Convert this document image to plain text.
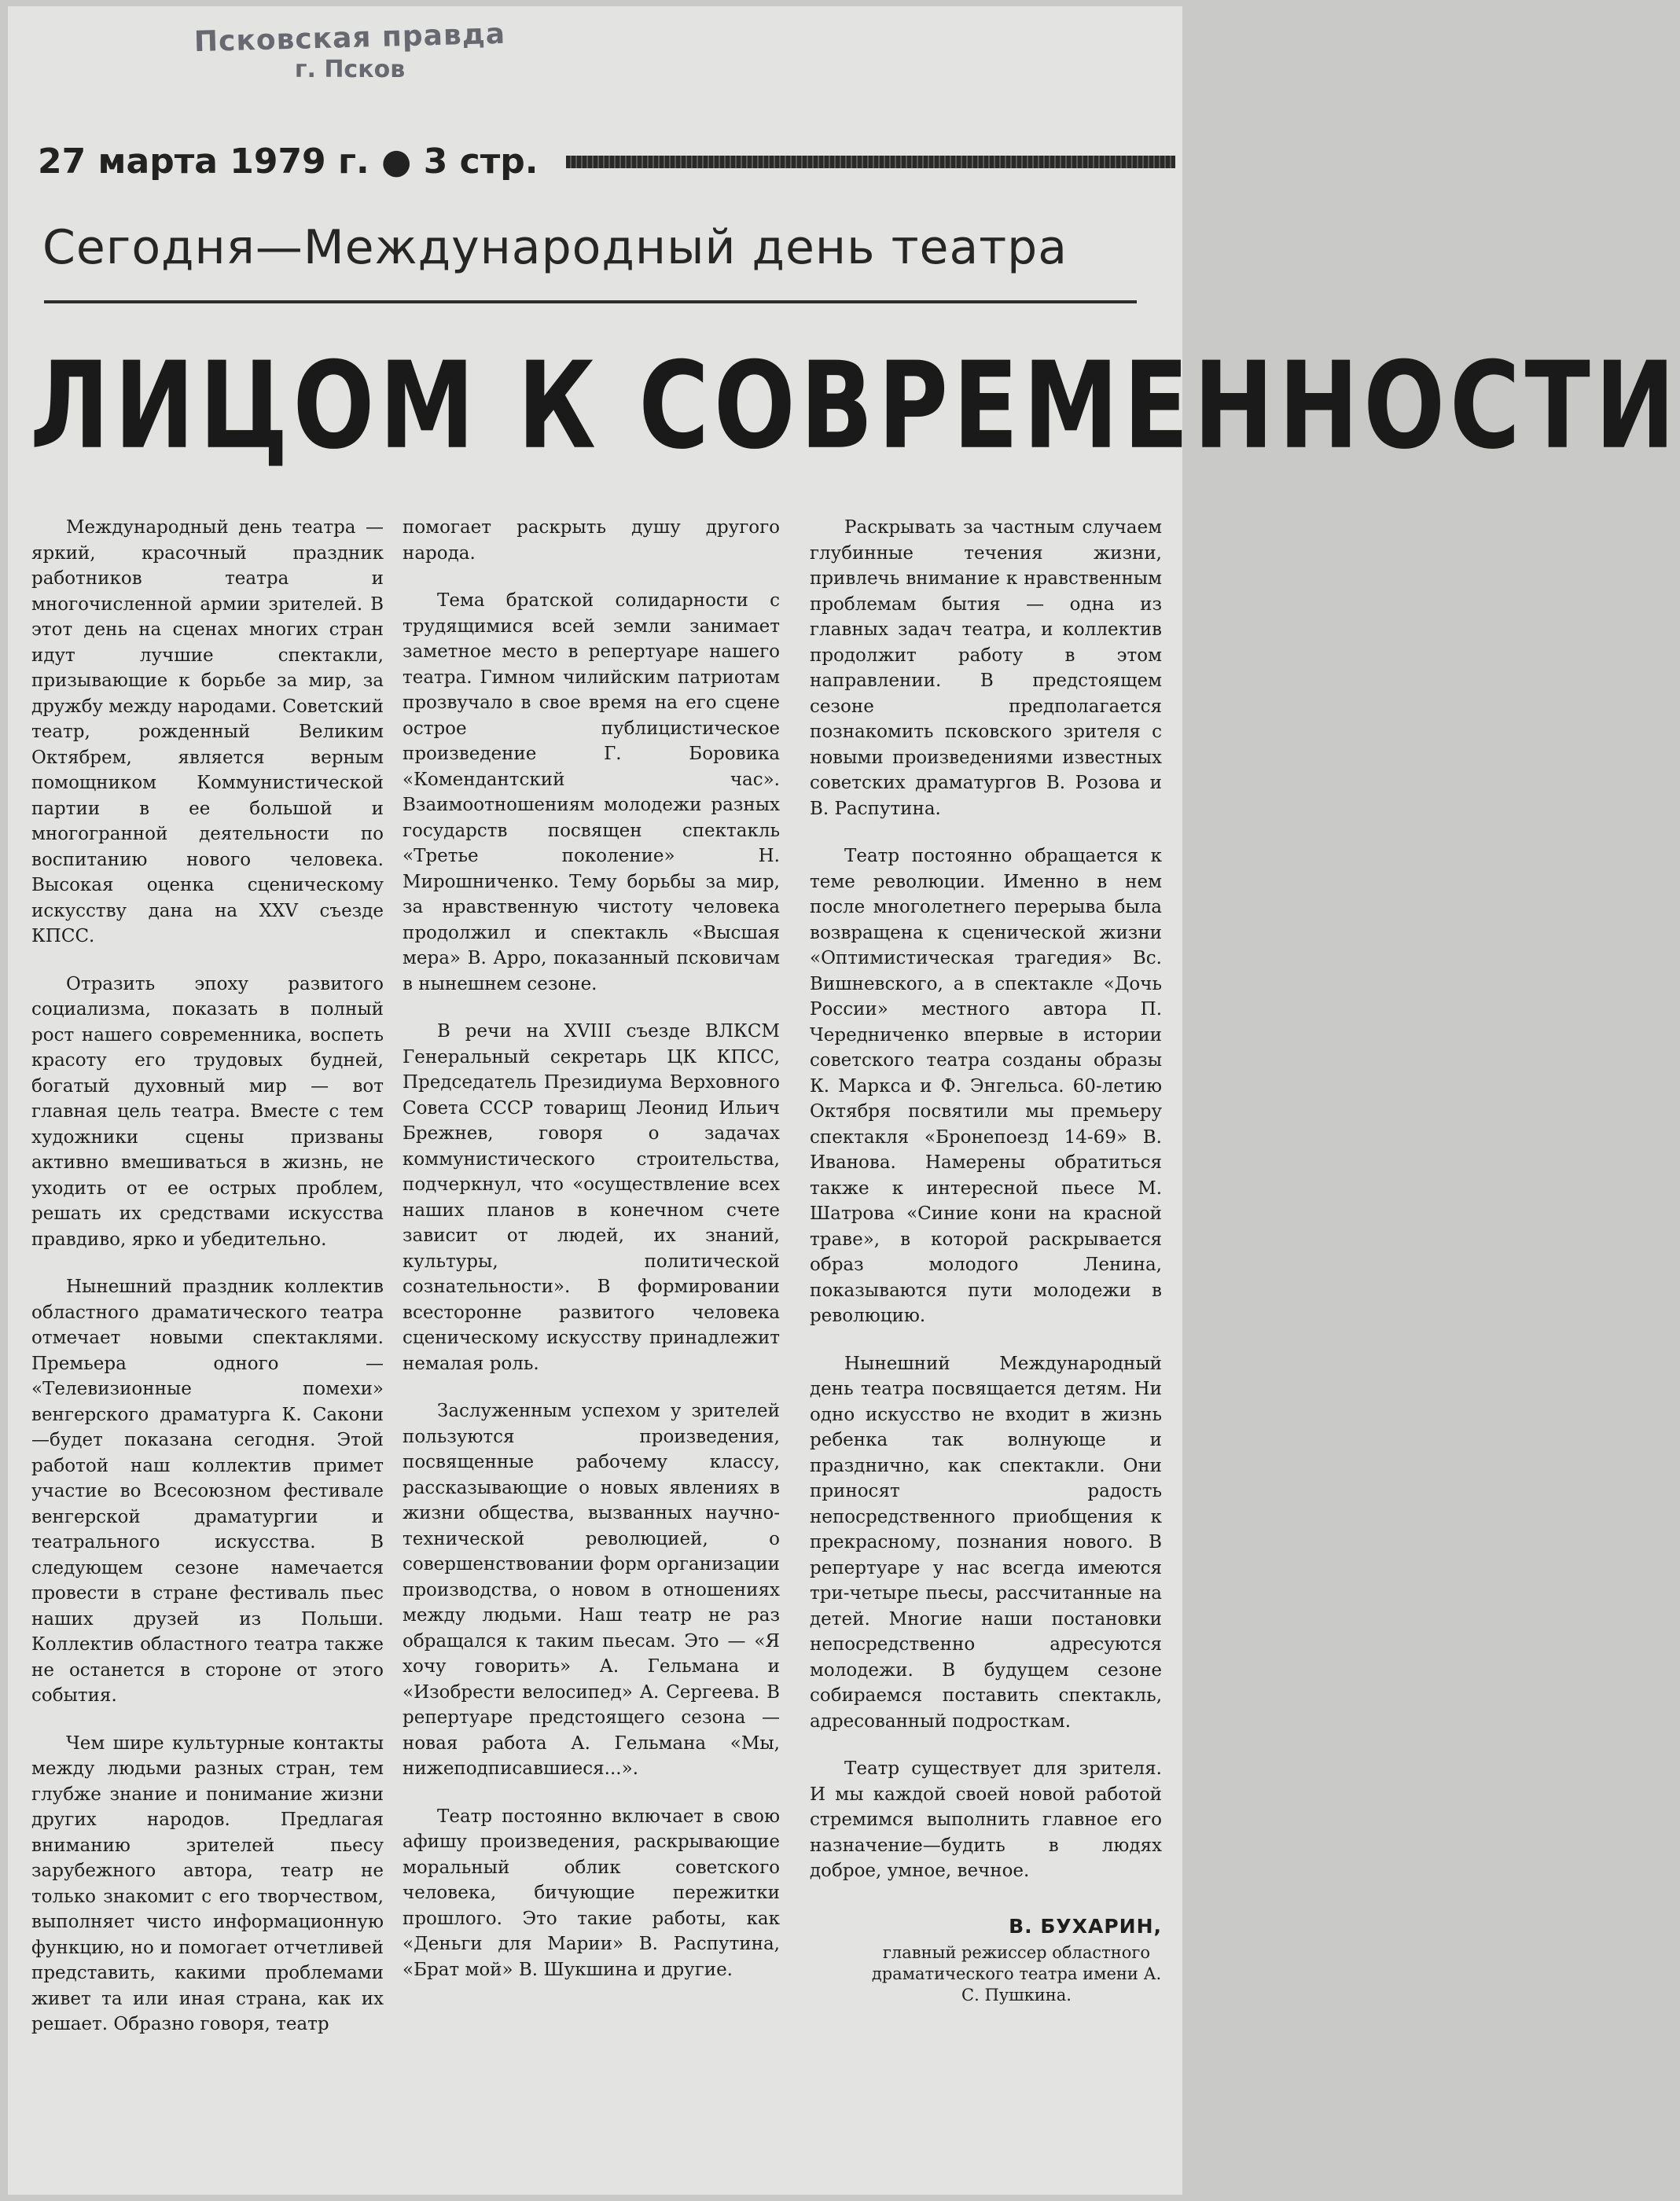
Псковская правда
г. Псков
27 марта 1979 г. ● 3 стр.
Сегодня—Международный день театра
ЛИЦОМ К СОВРЕМЕННОСТИ

Международный день театра — яркий, красочный праздник работников театра и многочисленной армии зрителей. В этот день на сценах многих стран идут лучшие спектакли, призывающие к борьбе за мир, за дружбу между народами. Советский театр, рожденный Великим Октябрем, является верным помощником Коммунистической партии в ее большой и многогранной деятельности по воспитанию нового человека. Высокая оценка сценическому искусству дана на XXV съезде КПСС.

Отразить эпоху развитого социализма, показать в полный рост нашего современника, воспеть красоту его трудовых будней, богатый духовный мир — вот главная цель театра. Вместе с тем художники сцены призваны активно вмешиваться в жизнь, не уходить от ее острых проблем, решать их средствами искусства правдиво, ярко и убедительно.

Нынешний праздник коллектив областного драматического театра отмечает новыми спектаклями. Премьера одного — «Телевизионные помехи» венгерского драматурга К. Сакони—будет показана сегодня. Этой работой наш коллектив примет участие во Всесоюзном фестивале венгерской драматургии и театрального искусства. В следующем сезоне намечается провести в стране фестиваль пьес наших друзей из Польши. Коллектив областного театра также не останется в стороне от этого события.

Чем шире культурные контакты между людьми разных стран, тем глубже знание и понимание жизни других народов. Предлагая вниманию зрителей пьесу зарубежного автора, театр не только знакомит с его творчеством, выполняет чисто информационную функцию, но и помогает отчетливей представить, какими проблемами живет та или иная страна, как их решает. Образно говоря, театр

помогает раскрыть душу другого народа.

Тема братской солидарности с трудящимися всей земли занимает заметное место в репертуаре нашего театра. Гимном чилийским патриотам прозвучало в свое время на его сцене острое публицистическое произведение Г. Боровика «Комендантский час». Взаимоотношениям молодежи разных государств посвящен спектакль «Третье поколение» Н. Мирошниченко. Тему борьбы за мир, за нравственную чистоту человека продолжил и спектакль «Высшая мера» В. Арро, показанный псковичам в нынешнем сезоне.

В речи на XVIII съезде ВЛКСМ Генеральный секретарь ЦК КПСС, Председатель Президиума Верховного Совета СССР товарищ Леонид Ильич Брежнев, говоря о задачах коммунистического строительства, подчеркнул, что «осуществление всех наших планов в конечном счете зависит от людей, их знаний, культуры, политической сознательности». В формировании всесторонне развитого человека сценическому искусству принадлежит немалая роль.

Заслуженным успехом у зрителей пользуются произведения, посвященные рабочему классу, рассказывающие о новых явлениях в жизни общества, вызванных научно-технической революцией, о совершенствовании форм организации производства, о новом в отношениях между людьми. Наш театр не раз обращался к таким пьесам. Это — «Я хочу говорить» А. Гельмана и «Изобрести велосипед» А. Сергеева. В репертуаре предстоящего сезона — новая работа А. Гельмана «Мы, нижеподписавшиеся...».

Театр постоянно включает в свою афишу произведения, раскрывающие моральный облик советского человека, бичующие пережитки прошлого. Это такие работы, как «Деньги для Марии» В. Распутина, «Брат мой» В. Шукшина и другие.

Раскрывать за частным случаем глубинные течения жизни, привлечь внимание к нравственным проблемам бытия — одна из главных задач театра, и коллектив продолжит работу в этом направлении. В предстоящем сезоне предполагается познакомить псковского зрителя с новыми произведениями известных советских драматургов В. Розова и В. Распутина.

Театр постоянно обращается к теме революции. Именно в нем после многолетнего перерыва была возвращена к сценической жизни «Оптимистическая трагедия» Вс. Вишневского, а в спектакле «Дочь России» местного автора П. Чередниченко впервые в истории советского театра созданы образы К. Маркса и Ф. Энгельса. 60-летию Октября посвятили мы премьеру спектакля «Бронепоезд 14-69» В. Иванова. Намерены обратиться также к интересной пьесе М. Шатрова «Синие кони на красной траве», в которой раскрывается образ молодого Ленина, показываются пути молодежи в революцию.

Нынешний Международный день театра посвящается детям. Ни одно искусство не входит в жизнь ребенка так волнующе и празднично, как спектакли. Они приносят радость непосредственного приобщения к прекрасному, познания нового. В репертуаре у нас всегда имеются три-четыре пьесы, рассчитанные на детей. Многие наши постановки непосредственно адресуются молодежи. В будущем сезоне собираемся поставить спектакль, адресованный подросткам.

Театр существует для зрителя. И мы каждой своей новой работой стремимся выполнить главное его назначение—будить в людях доброе, умное, вечное.

В. БУХАРИН,
главный режиссер областного драматического театра имени А. С. Пушкина.
